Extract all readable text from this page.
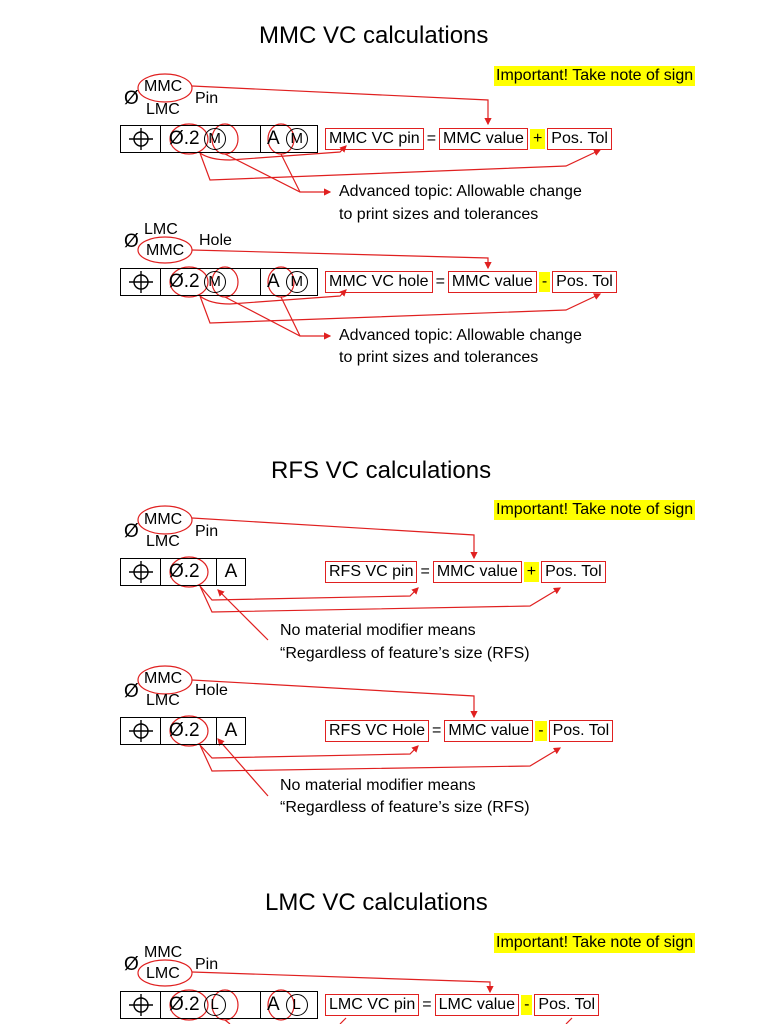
MMC VC calculations
Important! Take note of sign
Ø
MMC
LMC
Pin
Ø.2 M A M MMC VC pin = MMC value + Pos. Tol
Advanced topic: Allowable change
to print sizes and tolerances
Ø
LMC
MMC
Hole
Ø.2 M A M MMC VC hole = MMC value - Pos. Tol
Advanced topic: Allowable change
to print sizes and tolerances
RFS VC calculations
Important! Take note of sign
Ø
MMC
LMC
Pin
Ø.2 A	RFS VC pin = MMC value + Pos. Tol
No material modifier means
“Regardless of feature’s size (RFS)
Ø
MMC
LMC
Hole
Ø.2 A	RFS VC Hole = MMC value - Pos. Tol
No material modifier means
“Regardless of feature’s size (RFS)
LMC VC calculations
Important! Take note of sign
Ø
MMC
LMC
Pin
Ø.2 L	A L	LMC VC pin = LMC value - Pos. Tol
